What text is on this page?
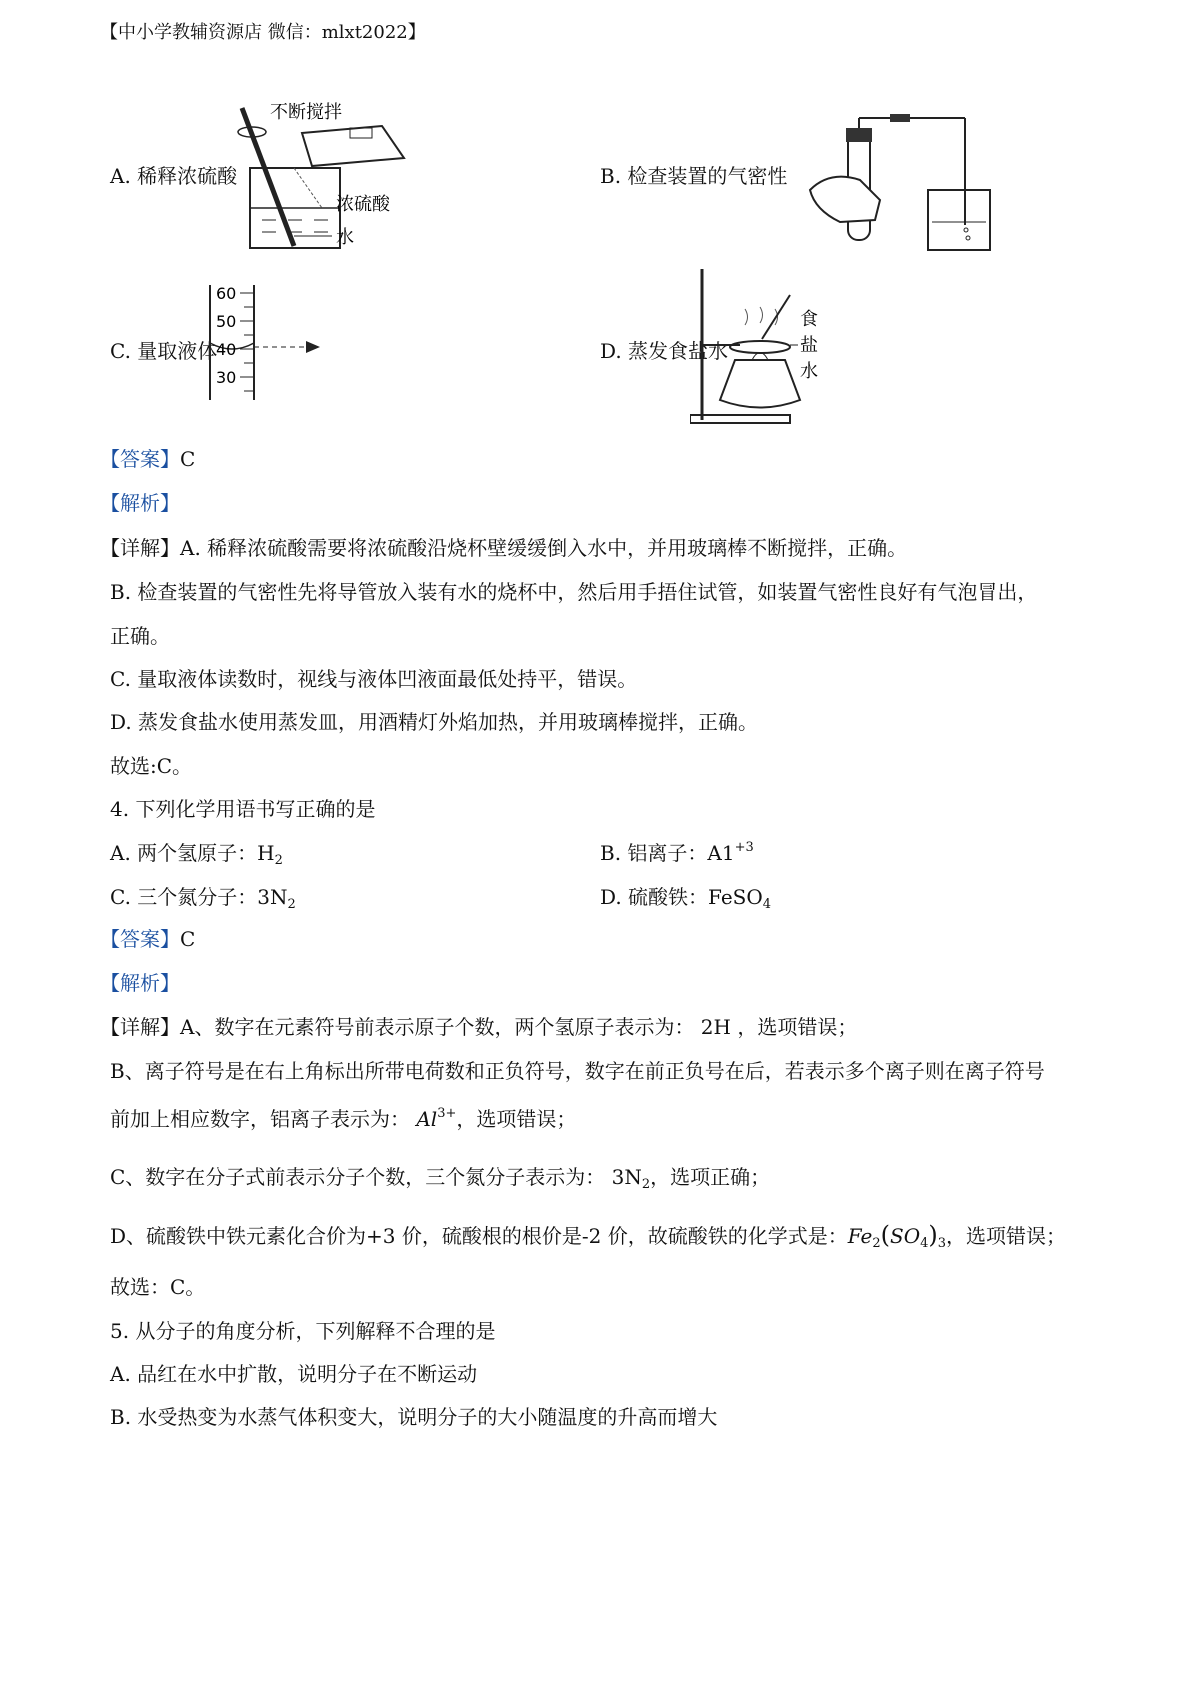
【中小学教辅资源店 微信：mlxt2022】
A. 稀释浓硫酸
不断搅拌
浓硫酸
水
B. 检查装置的气密性
C. 量取液体
60
50
40
30
D. 蒸发食盐水
食
盐
水
【答案】C
【解析】
【详解】A. 稀释浓硫酸需要将浓硫酸沿烧杯壁缓缓倒入水中，并用玻璃棒不断搅拌，正确。
B. 检查装置的气密性先将导管放入装有水的烧杯中，然后用手捂住试管，如装置气密性良好有气泡冒出，
正确。
C. 量取液体读数时，视线与液体凹液面最低处持平，错误。
D. 蒸发食盐水使用蒸发皿，用酒精灯外焰加热，并用玻璃棒搅拌，正确。
故选:C。
4. 下列化学用语书写正确的是
A. 两个氢原子：$H_2$	B. 铝离子：$A1^{+3}$
C. 三个氮分子：$3N_2$	D. 硫酸铁：FeSO$_4$
【答案】C
【解析】
【详解】A、数字在元素符号前表示原子个数，两个氢原子表示为： 2H ，选项错误；
B、离子符号是在右上角标出所带电荷数和正负符号，数字在前正负号在后，若表示多个离子则在离子符号
前加上相应数字，铝离子表示为： $Al^{3+}$，选项错误；
C、数字在分子式前表示分子个数，三个氮分子表示为： $3N_2$，选项正确；
D、硫酸铁中铁元素化合价为+3 价，硫酸根的根价是-2 价，故硫酸铁的化学式是：$Fe_2(SO_4)_3$，选项错误；
故选：C。
5. 从分子的角度分析，下列解释不合理的是
A. 品红在水中扩散，说明分子在不断运动
B. 水受热变为水蒸气体积变大，说明分子的大小随温度的升高而增大
